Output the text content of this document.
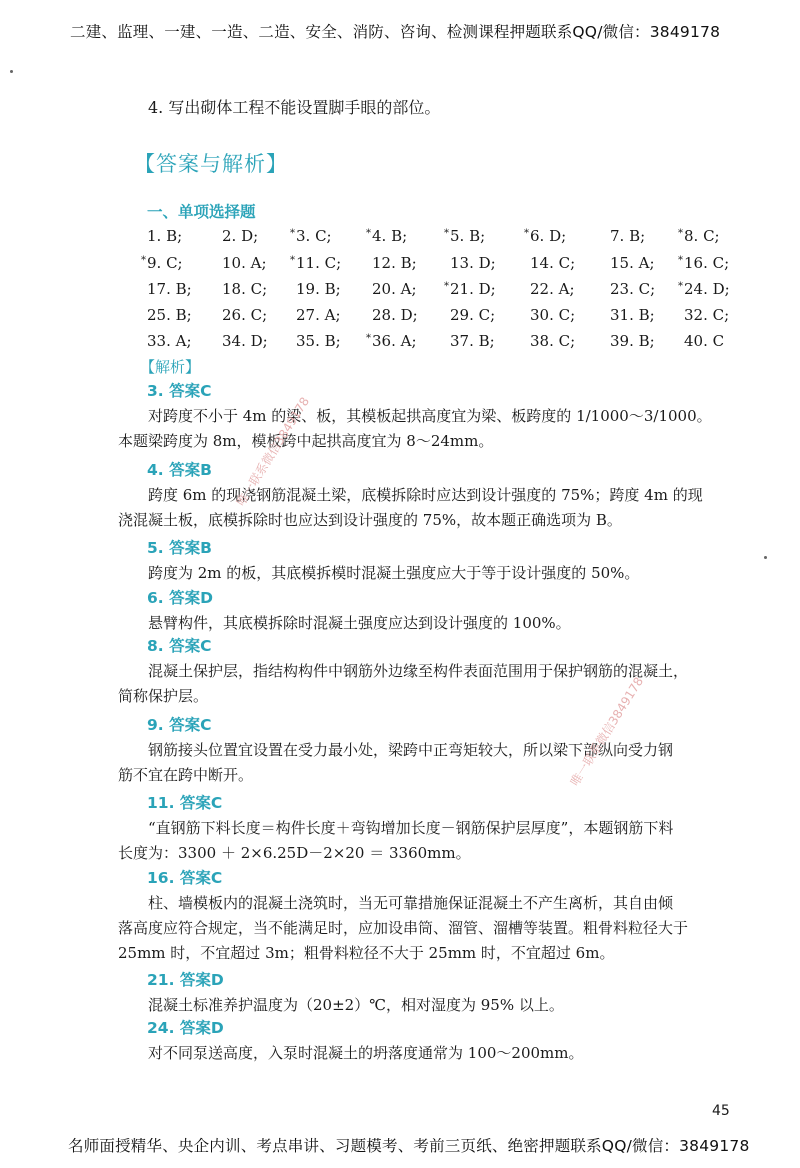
二建、监理、一建、一造、二造、安全、消防、咨询、检测课程押题联系QQ/微信：3849178
4. 写出砌体工程不能设置脚手眼的部位。
【答案与解析】
一、单项选择题
1. B;	2. D;	*3. C;	*4. B;	*5. B;	*6. D;	7. B;	*8. C;
*9. C;	10. A; *11. C; 12. B; 13. D; 14. C; 15. A; *16. C;
17. B; 18. C; 19. B; 20. A;	*21. D; 22. A; 23. C; *24. D;
25. B; 26. C; 27. A; 28. D; 29. C; 30. C; 31. B; 32. C;
33. A; 34. D; 35. B;	*36. A; 37. B; 38. C; 39. B; 40. C
【解析】
3. 答案C
对跨度不小于 4m 的梁、板，其模板起拱高度宜为梁、板跨度的 1/1000～3/1000。
本题梁跨度为 8m，模板跨中起拱高度宜为 8～24mm。
4. 答案B
跨度 6m 的现浇钢筋混凝土梁，底模拆除时应达到设计强度的 75%；跨度 4m 的现
浇混凝土板，底模拆除时也应达到设计强度的 75%，故本题正确选项为 B。
5. 答案B
跨度为 2m 的板，其底模拆模时混凝土强度应大于等于设计强度的 50%。
6. 答案D
悬臂构件，其底模拆除时混凝土强度应达到设计强度的 100%。
8. 答案C
混凝土保护层，指结构构件中钢筋外边缘至构件表面范围用于保护钢筋的混凝土，
简称保护层。
9. 答案C
钢筋接头位置宜设置在受力最小处，梁跨中正弯矩较大，所以梁下部纵向受力钢
筋不宜在跨中断开。
11. 答案C
“直钢筋下料长度＝构件长度＋弯钩增加长度－钢筋保护层厚度”，本题钢筋下料
长度为：3300 ＋ 2×6.25D－2×20 ＝ 3360mm。
16. 答案C
柱、墙模板内的混凝土浇筑时，当无可靠措施保证混凝土不产生离析，其自由倾
落高度应符合规定，当不能满足时，应加设串筒、溜管、溜槽等装置。粗骨料粒径大于
25mm 时，不宜超过 3m；粗骨料粒径不大于 25mm 时，不宜超过 6m。
21. 答案D
混凝土标准养护温度为（20±2）℃，相对湿度为 95% 以上。
24. 答案D
对不同泵送高度，入泵时混凝土的坍落度通常为 100～200mm。
唯一联系微信3849178
唯一联系微信3849178
45
名师面授精华、央企内训、考点串讲、习题模考、考前三页纸、绝密押题联系QQ/微信：3849178
